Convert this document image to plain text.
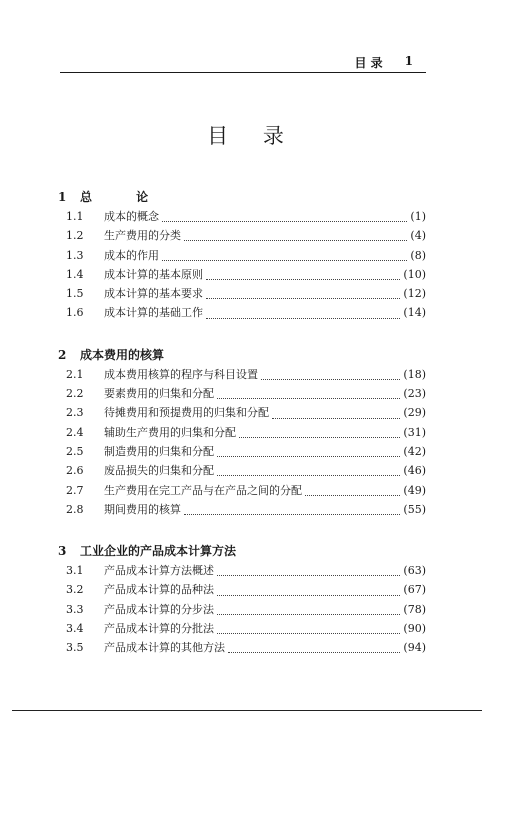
目 录 1
目 录
1	总 论
1.1	成本的概念	(1)
1.2	生产费用的分类	(4)
1.3	成本的作用	(8)
1.4	成本计算的基本原则	(10)
1.5	成本计算的基本要求	(12)
1.6	成本计算的基础工作	(14)
2	成本费用的核算
2.1	成本费用核算的程序与科目设置	(18)
2.2	要素费用的归集和分配	(23)
2.3	待摊费用和预提费用的归集和分配	(29)
2.4	辅助生产费用的归集和分配	(31)
2.5	制造费用的归集和分配	(42)
2.6	废品损失的归集和分配	(46)
2.7	生产费用在完工产品与在产品之间的分配	(49)
2.8	期间费用的核算	(55)
3	工业企业的产品成本计算方法
3.1	产品成本计算方法概述	(63)
3.2	产品成本计算的品种法	(67)
3.3	产品成本计算的分步法	(78)
3.4	产品成本计算的分批法	(90)
3.5	产品成本计算的其他方法	(94)
